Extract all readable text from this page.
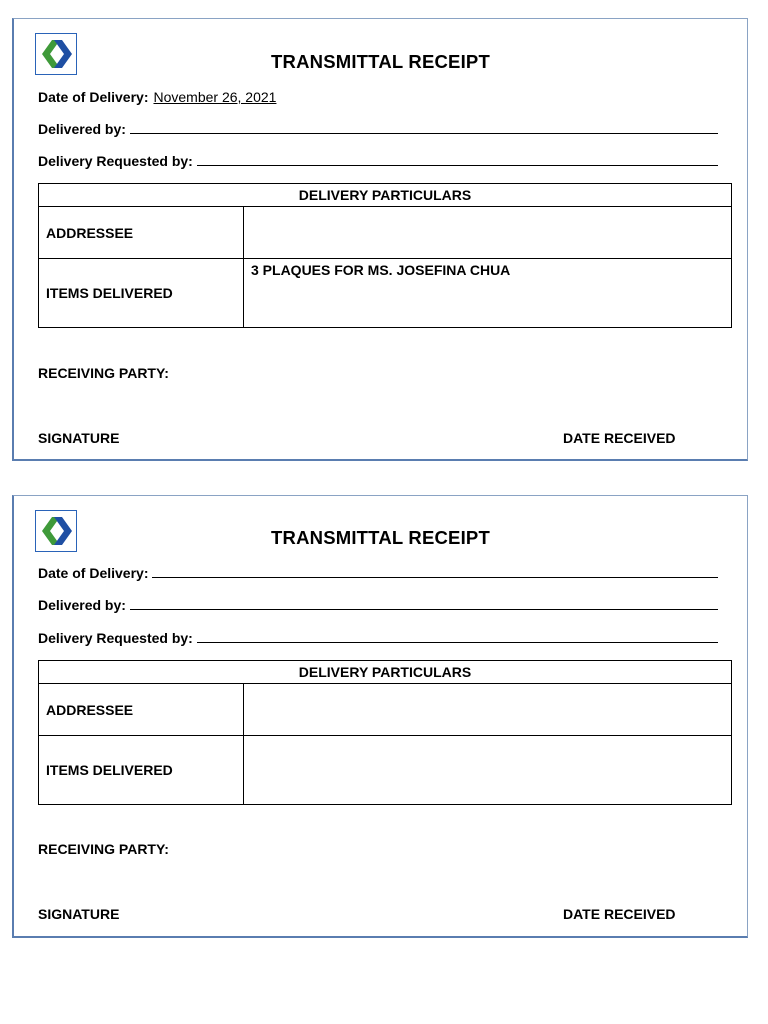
TRANSMITTAL RECEIPT
Date of Delivery: November 26, 2021
Delivered by:
Delivery Requested by:
DELIVERY PARTICULARS	
ADDRESSEE	
ITEMS DELIVERED	3 PLAQUES FOR MS. JOSEFINA CHUA
RECEIVING PARTY:
SIGNATURE	DATE RECEIVED
TRANSMITTAL RECEIPT
Date of Delivery:
Delivered by:
Delivery Requested by:
DELIVERY PARTICULARS	
ADDRESSEE	
ITEMS DELIVERED	
RECEIVING PARTY:
SIGNATURE	DATE RECEIVED
